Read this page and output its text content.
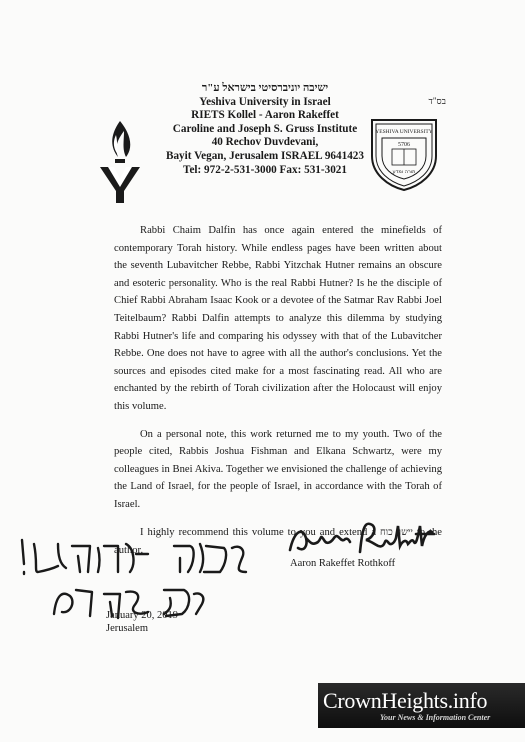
בס"ד
ישיבה יוניברסיטי בישראל ע"ר
Yeshiva University in Israel
RIETS Kollel - Aaron Rakeffet
Caroline and Joseph S. Gruss Institute
40 Rechov Duvdevani,
Bayit Vegan, Jerusalem ISRAEL 9641423
Tel: 972-2-531-3000 Fax: 531-3021
YESHIVA UNIVERSITY
5706
תורה ומדע

Rabbi Chaim Dalfin has once again entered the minefields of contemporary Torah history. While endless pages have been written about the seventh Lubavitcher Rebbe, Rabbi Yitzchak Hutner remains an obscure and esoteric personality. Who is the real Rabbi Hutner? Is he the disciple of Chief Rabbi Abraham Isaac Kook or a devotee of the Satmar Rav Rabbi Joel Teitelbaum? Rabbi Dalfin attempts to analyze this dilemma by studying Rabbi Hutner's life and comparing his odyssey with that of the Lubavitcher Rebbe. One does not have to agree with all the author's conclusions. Yet the sources and episodes cited make for a most fascinating read. All who are enchanted by the rebirth of Torah civilization after the Holocaust will enjoy this volume.

On a personal note, this work returned me to my youth. Two of the people cited, Rabbis Joshua Fishman and Elkana Schwartz, were my colleagues in Bnei Akiva. Together we envisioned the challenge of achieving the Land of Israel, for the people of Israel, in accordance with the Torah of Israel.

I highly recommend this volume to you and extend a יישר כוח to the author.

Aaron Rakeffet Rothkoff
January 20, 2019
Jerusalem
CrownHeights.info
Your News & Information Center
